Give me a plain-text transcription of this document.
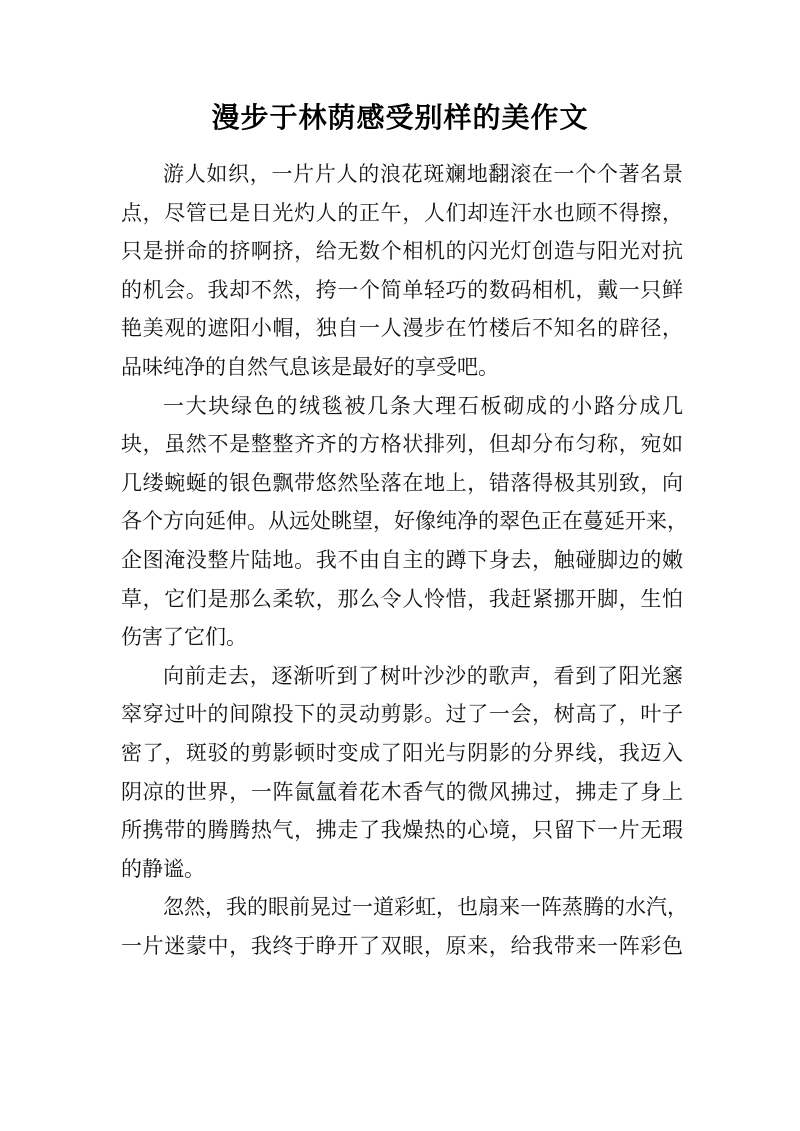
漫步于林荫感受别样的美作文
游人如织，一片片人的浪花斑斓地翻滚在一个个著名景
点，尽管已是日光灼人的正午，人们却连汗水也顾不得擦，
只是拼命的挤啊挤，给无数个相机的闪光灯创造与阳光对抗
的机会。我却不然，挎一个简单轻巧的数码相机，戴一只鲜
艳美观的遮阳小帽，独自一人漫步在竹楼后不知名的辟径，
品味纯净的自然气息该是最好的享受吧。
一大块绿色的绒毯被几条大理石板砌成的小路分成几
块，虽然不是整整齐齐的方格状排列，但却分布匀称，宛如
几缕蜿蜒的银色飘带悠然坠落在地上，错落得极其别致，向
各个方向延伸。从远处眺望，好像纯净的翠色正在蔓延开来，
企图淹没整片陆地。我不由自主的蹲下身去，触碰脚边的嫩
草，它们是那么柔软，那么令人怜惜，我赶紧挪开脚，生怕
伤害了它们。
向前走去，逐渐听到了树叶沙沙的歌声，看到了阳光窸
窣穿过叶的间隙投下的灵动剪影。过了一会，树高了，叶子
密了，斑驳的剪影顿时变成了阳光与阴影的分界线，我迈入
阴凉的世界，一阵氤氲着花木香气的微风拂过，拂走了身上
所携带的腾腾热气，拂走了我燥热的心境，只留下一片无瑕
的静谧。
忽然，我的眼前晃过一道彩虹，也扇来一阵蒸腾的水汽，
一片迷蒙中，我终于睁开了双眼，原来，给我带来一阵彩色
